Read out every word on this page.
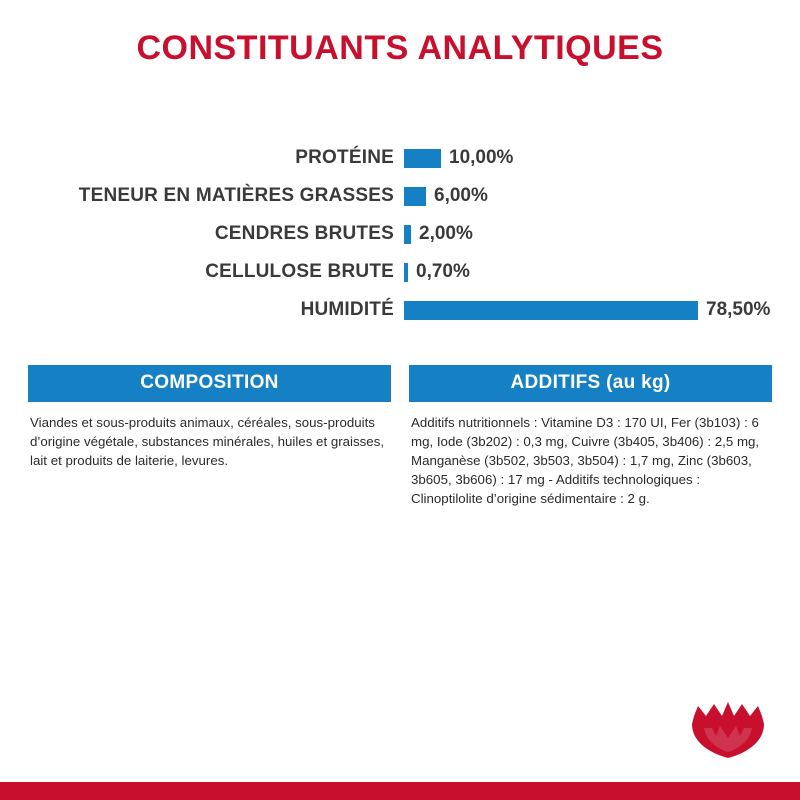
CONSTITUANTS ANALYTIQUES
PROTÉINE	10,00%
TENEUR EN MATIÈRES GRASSES	6,00%
CENDRES BRUTES	2,00%
CELLULOSE BRUTE	0,70%
HUMIDITÉ	78,50%
COMPOSITION
Viandes et sous-produits animaux, céréales, sous-produits d’origine végétale, substances minérales, huiles et graisses, lait et produits de laiterie, levures.
ADDITIFS (au kg)
Additifs nutritionnels : Vitamine D3 : 170 UI, Fer (3b103) : 6 mg, Iode (3b202) : 0,3 mg, Cuivre (3b405, 3b406) : 2,5 mg, Manganèse (3b502, 3b503, 3b504) : 1,7 mg, Zinc (3b603, 3b605, 3b606) : 17 mg - Additifs technologiques : Clinoptilolite d’origine sédimentaire : 2 g.
